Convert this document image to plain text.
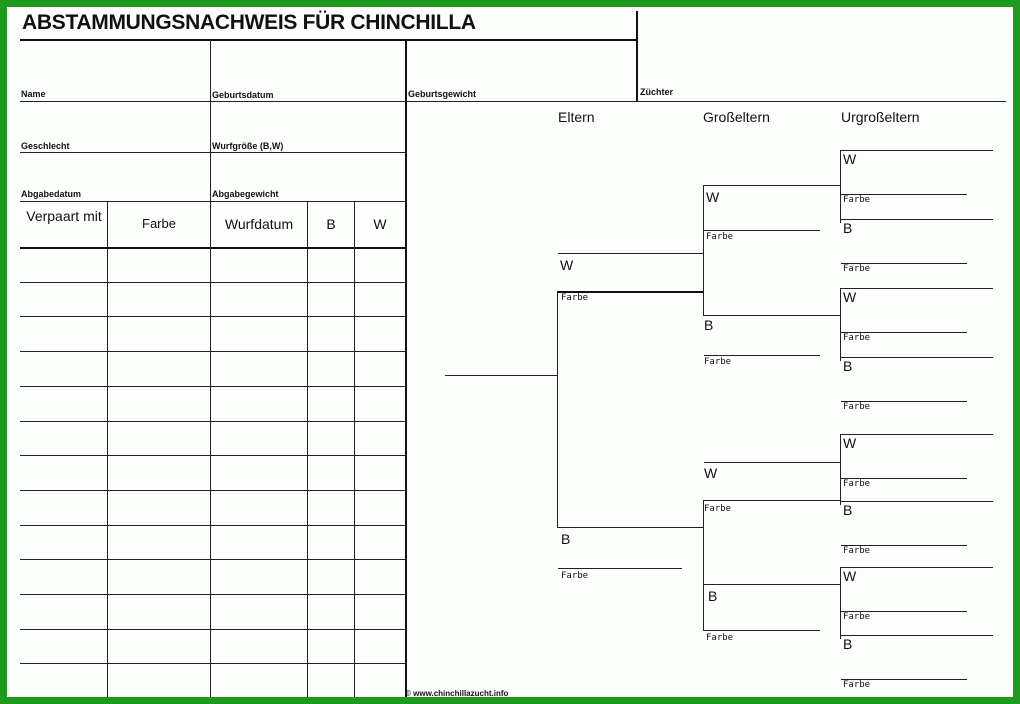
ABSTAMMUNGSNACHWEIS FÜR CHINCHILLA
Name	Geburtsdatum	Geburtsgewicht	Züchter
Geschlecht	Wurfgröße (B,W)
Abgabedatum	Abgabegewicht
Verpaart mit	Farbe	Wurfdatum	B	W
Eltern	Großeltern	Urgroßeltern
W
Farbe
B
Farbe
W
Farbe
B
Farbe
W
Farbe
B
Farbe
W
Farbe
B
Farbe
W
Farbe
B
Farbe
W
Farbe
B
Farbe
W
Farbe
B
Farbe
© www.chinchillazucht.info
